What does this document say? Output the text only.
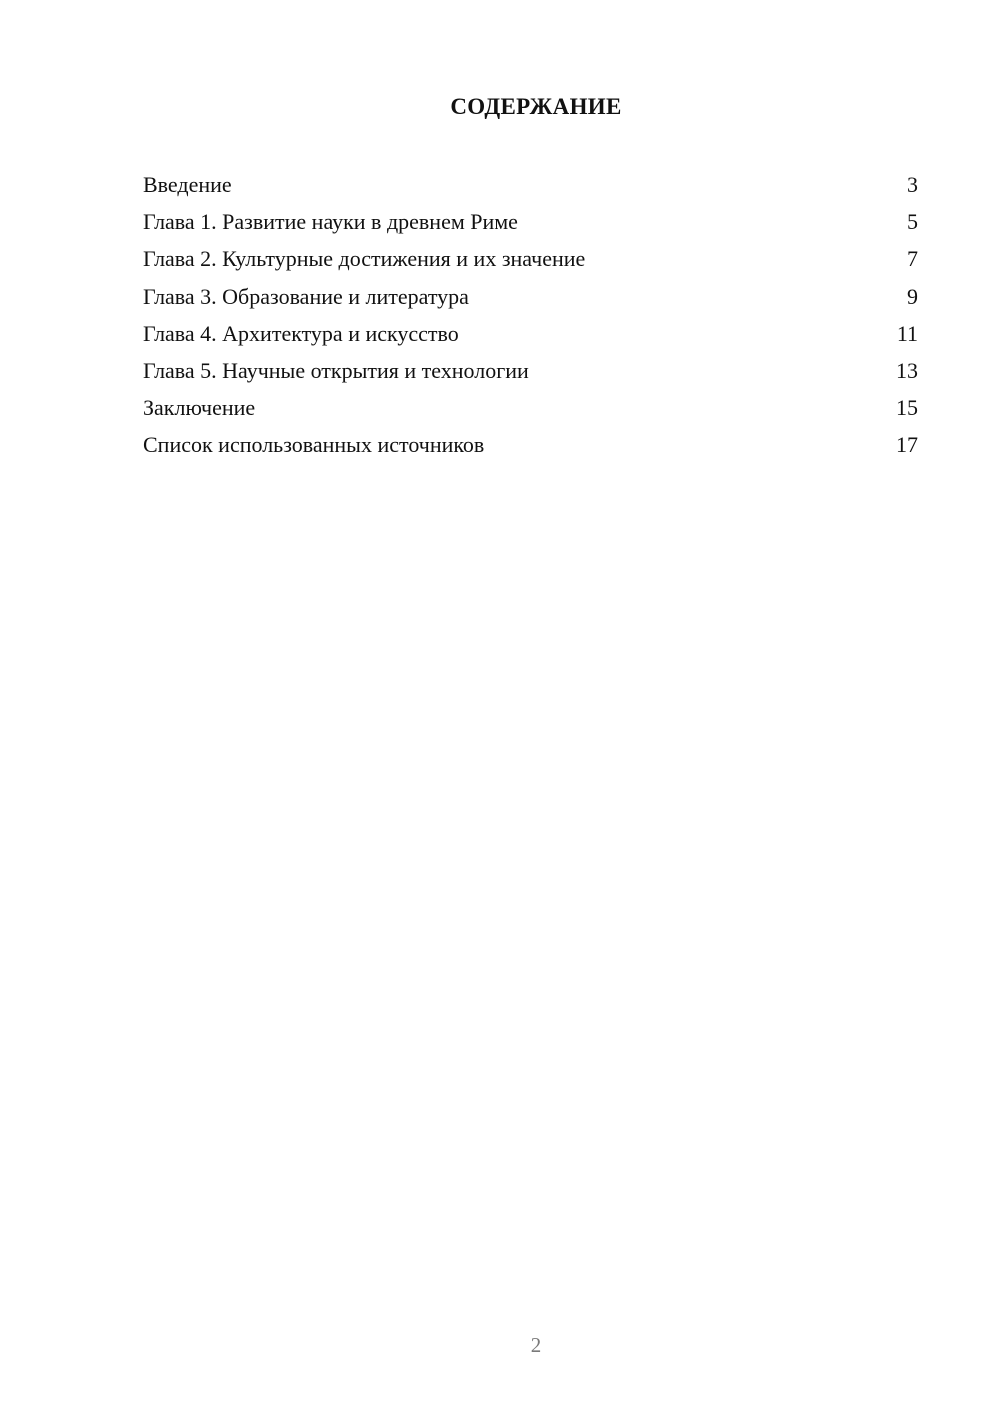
СОДЕРЖАНИЕ
Введение	3
Глава 1. Развитие науки в древнем Риме	5
Глава 2. Культурные достижения и их значение	7
Глава 3. Образование и литература	9
Глава 4. Архитектура и искусство	11
Глава 5. Научные открытия и технологии	13
Заключение	15
Список использованных источников	17
2
